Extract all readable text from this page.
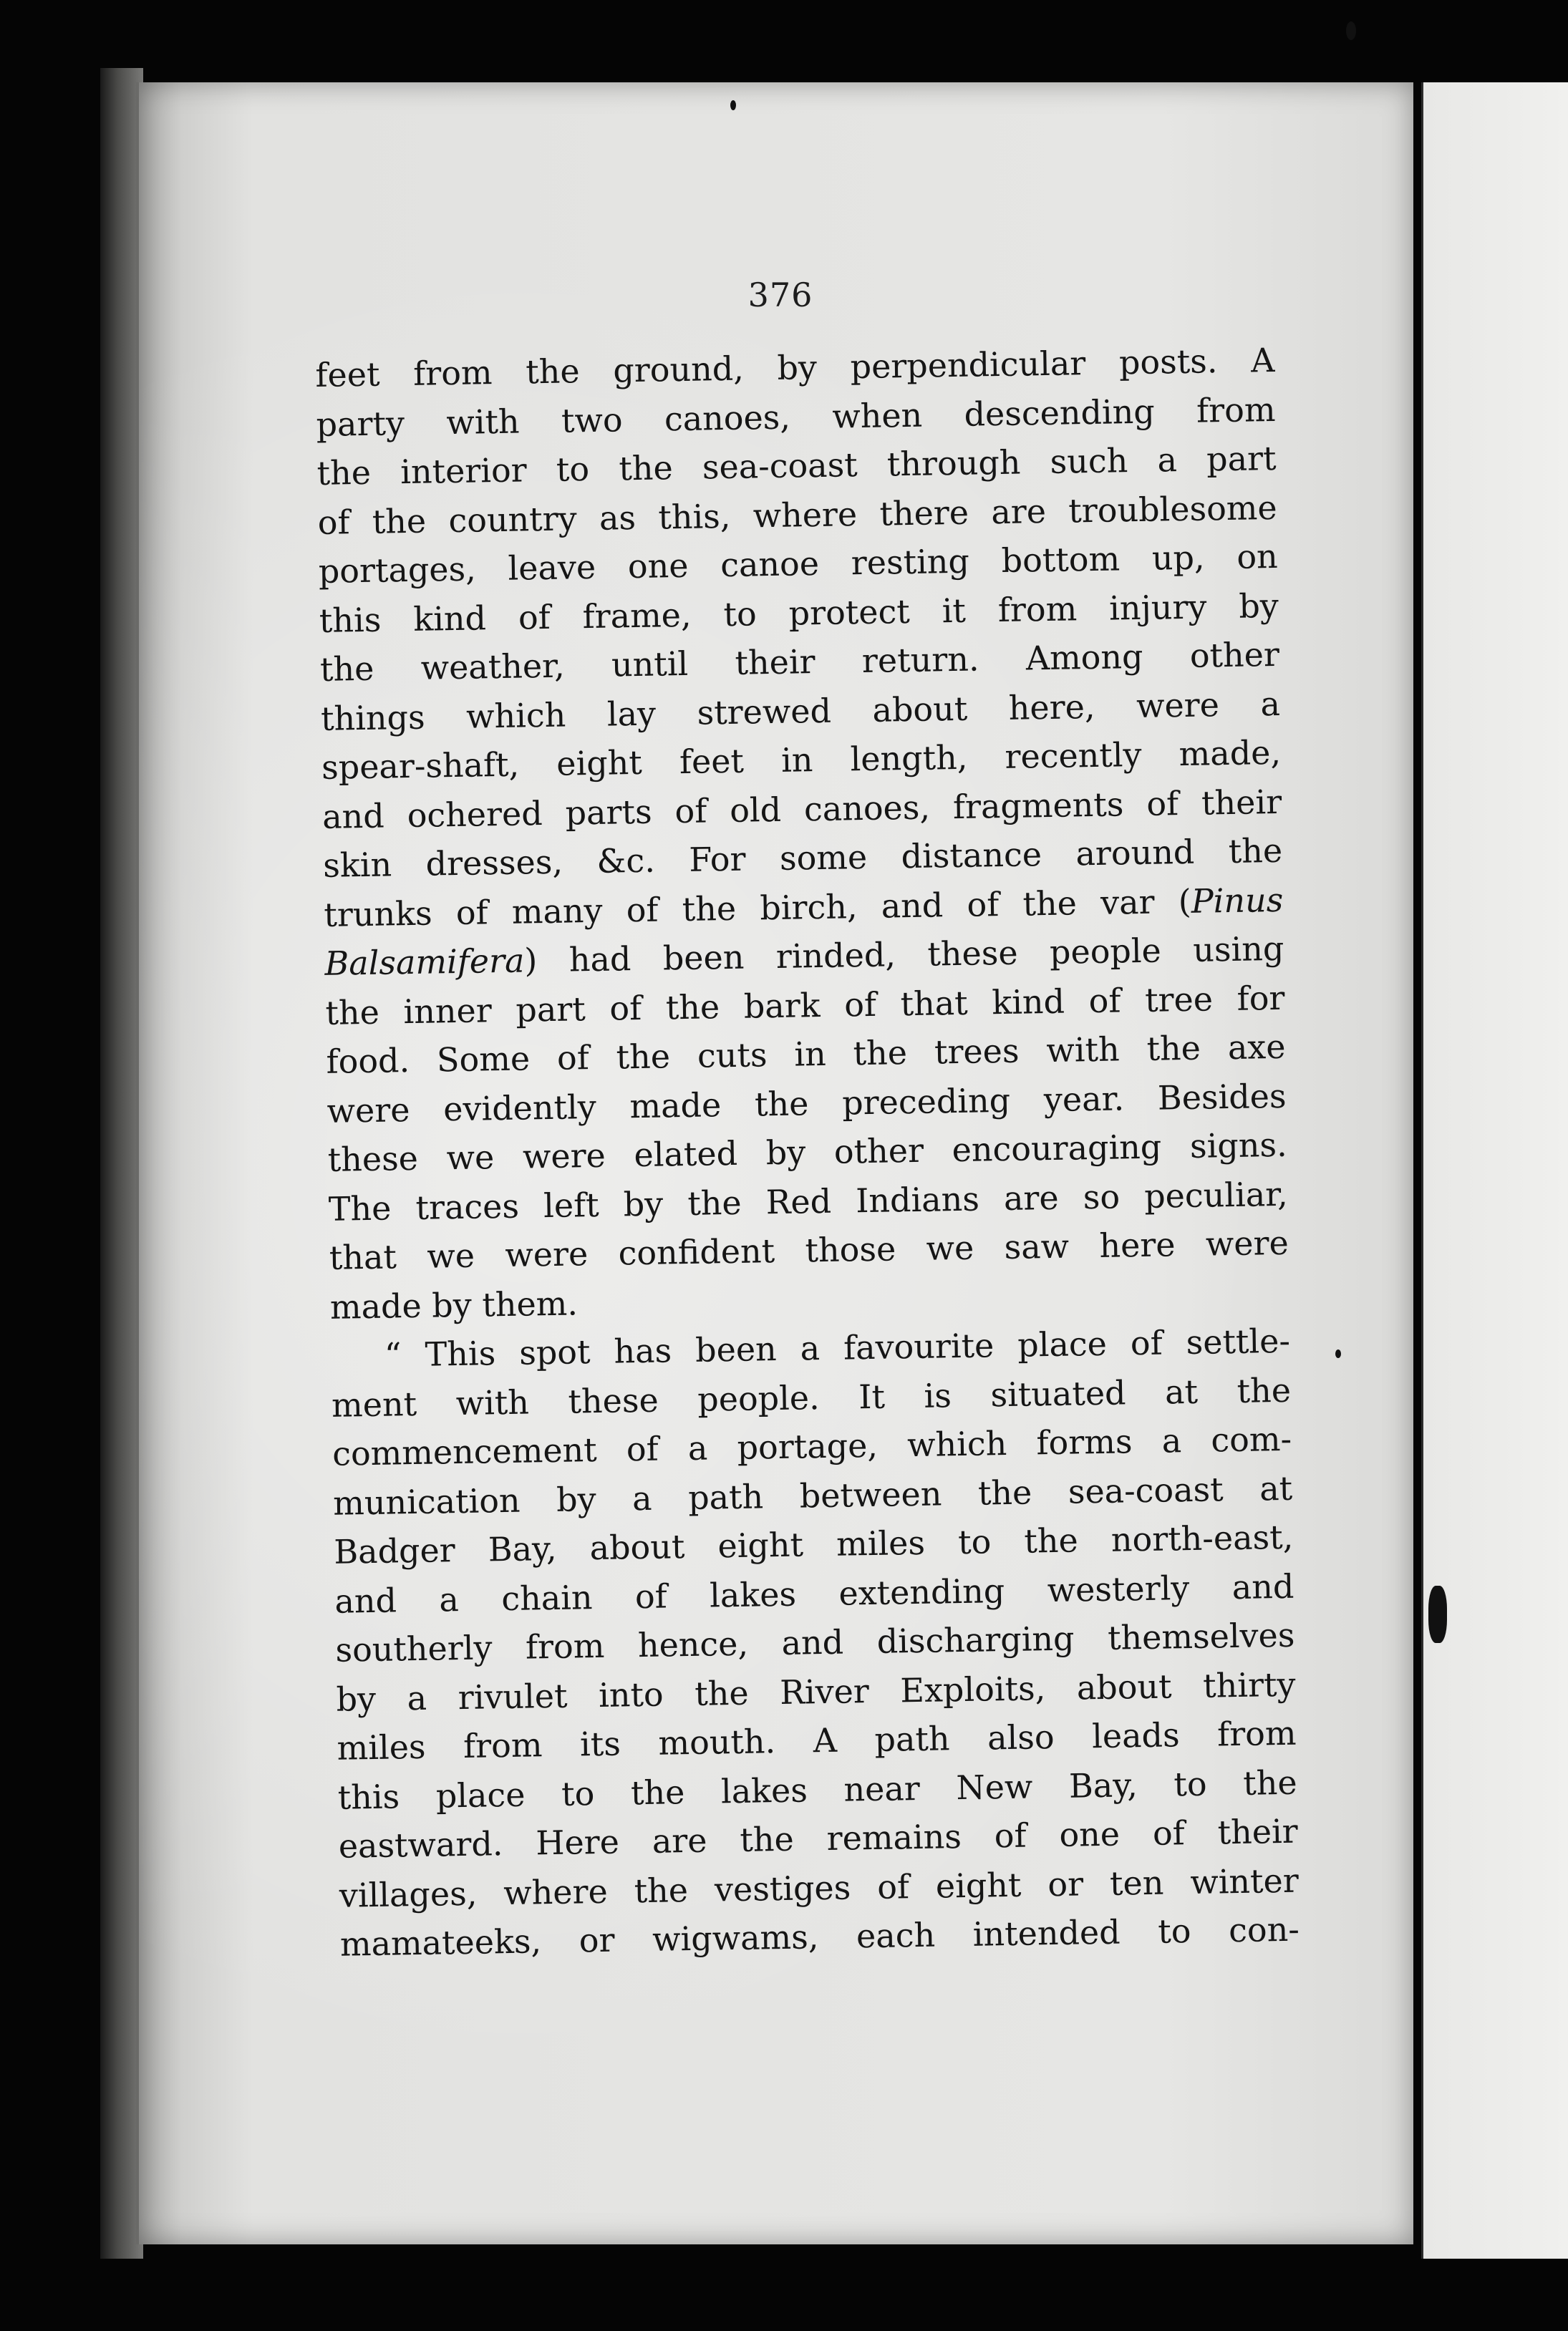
376
feet from the ground, by perpendicular posts. A
party with two canoes, when descending from
the interior to the sea-coast through such a part
of the country as this, where there are troublesome
portages, leave one canoe resting bottom up, on
this kind of frame, to protect it from injury by
the weather, until their return. Among other
things which lay strewed about here, were a
spear-shaft, eight feet in length, recently made,
and ochered parts of old canoes, fragments of their
skin dresses, &c. For some distance around the
trunks of many of the birch, and of the var (Pinus
Balsamifera) had been rinded, these people using
the inner part of the bark of that kind of tree for
food. Some of the cuts in the trees with the axe
were evidently made the preceding year. Besides
these we were elated by other encouraging signs.
The traces left by the Red Indians are so peculiar,
that we were confident those we saw here were
made by them.
“ This spot has been a favourite place of settle-
ment with these people. It is situated at the
commencement of a portage, which forms a com-
munication by a path between the sea-coast at
Badger Bay, about eight miles to the north-east,
and a chain of lakes extending westerly and
southerly from hence, and discharging themselves
by a rivulet into the River Exploits, about thirty
miles from its mouth. A path also leads from
this place to the lakes near New Bay, to the
eastward. Here are the remains of one of their
villages, where the vestiges of eight or ten winter
mamateeks, or wigwams, each intended to con-
